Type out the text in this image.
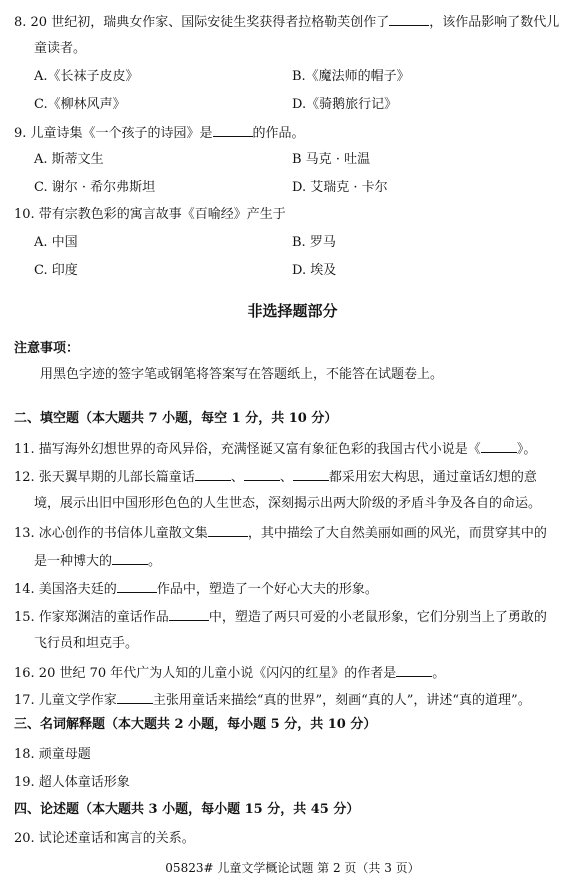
8. 20 世纪初，瑞典女作家、国际安徒生奖获得者拉格勒芙创作了	，该作品影响了数代儿
童读者。
A.《长袜子皮皮》	B.《魔法师的帽子》
C.《柳林风声》	D.《骑鹅旅行记》
9. 儿童诗集《一个孩子的诗园》是	的作品。
A. 斯蒂文生	B 马克 · 吐温
C. 谢尔 · 希尔弗斯坦	D. 艾瑞克 · 卡尔
10. 带有宗教色彩的寓言故事《百喻经》产生于
A. 中国	B. 罗马
C. 印度	D. 埃及
非选择题部分
注意事项：
用黑色字迹的签字笔或钢笔将答案写在答题纸上，不能答在试题卷上。
二、填空题（本大题共 7 小题，每空 1 分，共 10 分）
11. 描写海外幻想世界的奇风异俗，充满怪诞又富有象征色彩的我国古代小说是《	》。
12. 张天翼早期的儿部长篇童话	、	、	都采用宏大构思，通过童话幻想的意
境，展示出旧中国形形色色的人生世态，深刻揭示出两大阶级的矛盾斗争及各自的命运。
13. 冰心创作的书信体儿童散文集	，其中描绘了大自然美丽如画的风光，而贯穿其中的
是一种博大的	。
14. 美国洛夫廷的	作品中，塑造了一个好心大夫的形象。
15. 作家郑渊洁的童话作品	中，塑造了两只可爱的小老鼠形象，它们分别当上了勇敢的
飞行员和坦克手。
16. 20 世纪 70 年代广为人知的儿童小说《闪闪的红星》的作者是	。
17. 儿童文学作家	主张用童话来描绘“真的世界”，刻画“真的人”，讲述“真的道理”。
三、名词解释题（本大题共 2 小题，每小题 5 分，共 10 分）
18. 顽童母题
19. 超人体童话形象
四、论述题（本大题共 3 小题，每小题 15 分，共 45 分）
20. 试论述童话和寓言的关系。
05823# 儿童文学概论试题 第 2 页（共 3 页）
